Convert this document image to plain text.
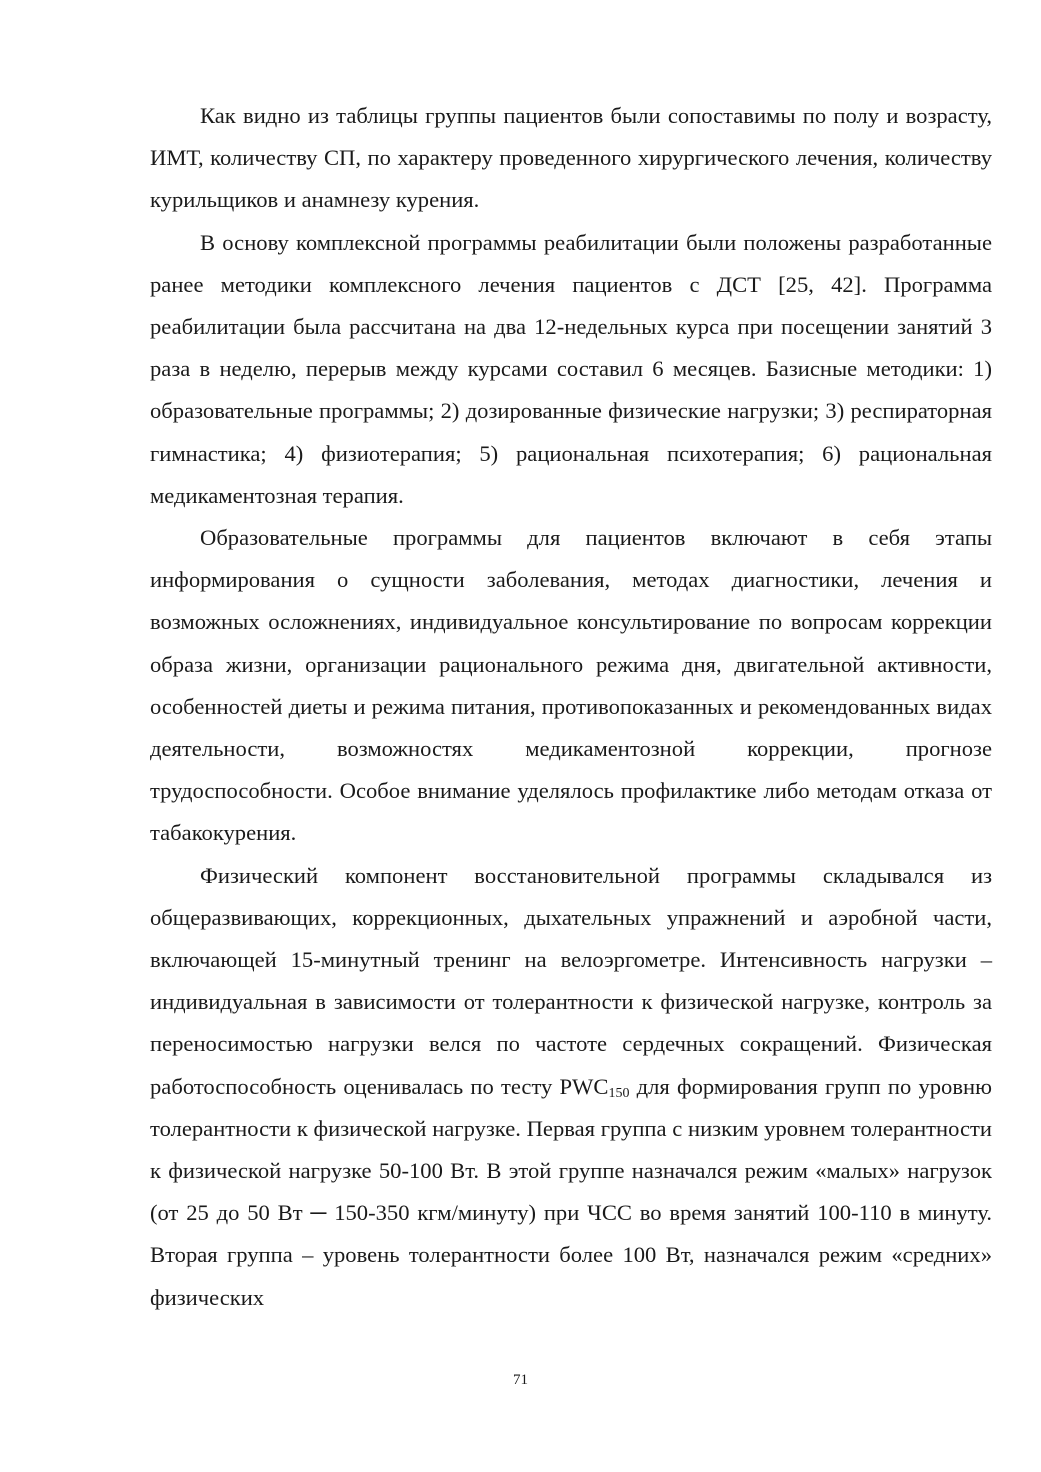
Как видно из таблицы группы пациентов были сопоставимы по полу и возрасту, ИМТ, количеству СП, по характеру проведенного хирургического лечения, количеству курильщиков и анамнезу курения.

В основу комплексной программы реабилитации были положены разработанные ранее методики комплексного лечения пациентов с ДСТ [25, 42]. Программа реабилитации была рассчитана на два 12-недельных курса при посещении занятий 3 раза в неделю, перерыв между курсами составил 6 месяцев. Базисные методики: 1) образовательные программы; 2) дозированные физические нагрузки; 3) респираторная гимнастика; 4) физиотерапия; 5) рациональная психотерапия; 6) рациональная медикаментозная терапия.

Образовательные программы для пациентов включают в себя этапы информирования о сущности заболевания, методах диагностики, лечения и возможных осложнениях, индивидуальное консультирование по вопросам коррекции образа жизни, организации рационального режима дня, двигательной активности, особенностей диеты и режима питания, противопоказанных и рекомендованных видах деятельности, возможностях медикаментозной коррекции, прогнозе трудоспособности. Особое внимание уделялось профилактике либо методам отказа от табакокурения.

Физический компонент восстановительной программы складывался из общеразвивающих, коррекционных, дыхательных упражнений и аэробной части, включающей 15-минутный тренинг на велоэргометре. Интенсивность нагрузки – индивидуальная в зависимости от толерантности к физической нагрузке, контроль за переносимостью нагрузки велся по частоте сердечных сокращений. Физическая работоспособность оценивалась по тесту $PWC_{150}$ для формирования групп по уровню толерантности к физической нагрузке. Первая группа с низким уровнем толерантности к физической нагрузке 50-100 Вт. В этой группе назначался режим «малых» нагрузок (от 25 до 50 Вт ─ 150-350 кгм/минуту) при ЧСС во время занятий 100-110 в минуту. Вторая группа – уровень толерантности более 100 Вт, назначался режим «средних» физических

71
